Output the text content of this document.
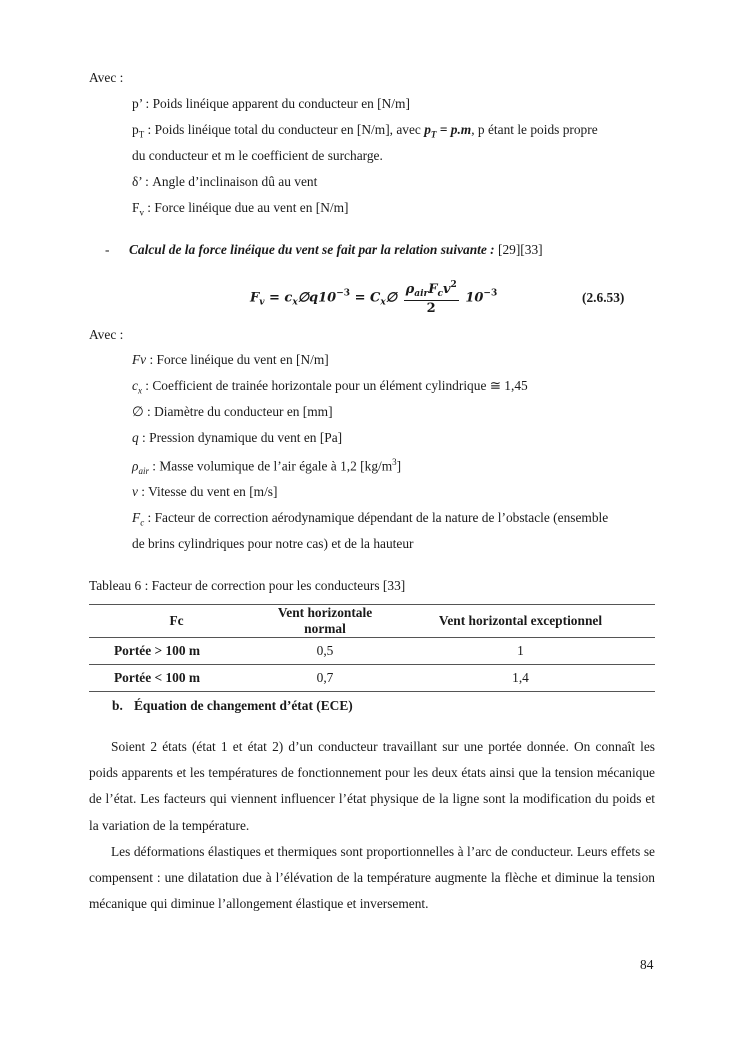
Avec :
p’ : Poids linéique apparent du conducteur en [N/m]
$p_T$ : Poids linéique total du conducteur en [N/m], avec $p_T = p.m$, p étant le poids propre
du conducteur et m le coefficient de surcharge.
δ’ : Angle d’inclinaison dû au vent
$F_v$ : Force linéique due au vent en [N/m]
- Calcul de la force linéique du vent se fait par la relation suivante : [29][33]
$F_v$ = $c_x\emptyset q10^{-3}$ = $C_x\emptyset \frac{\rho_{air}F_cv^2}{2} 10^{-3}$	(2.6.53)
Avec :
Fv : Force linéique du vent en [N/m]
$c_x$ : Coefficient de trainée horizontale pour un élément cylindrique ≅ 1,45
∅ : Diamètre du conducteur en [mm]
q : Pression dynamique du vent en [Pa]
$\rho_{air}$ : Masse volumique de l’air égale à 1,2 $[kg/m^3]$
v : Vitesse du vent en [m/s]
$F_c$ : Facteur de correction aérodynamique dépendant de la nature de l’obstacle (ensemble
de brins cylindriques pour notre cas) et de la hauteur
Tableau 6 : Facteur de correction pour les conducteurs [33]
Fc	Vent horizontale normal	Vent horizontal exceptionnel
Portée > 100 m	0,5	1
Portée < 100 m	0,7	1,4
b. Équation de changement d’état (ECE)

Soient 2 états (état 1 et état 2) d’un conducteur travaillant sur une portée donnée. On connaît les poids apparents et les températures de fonctionnement pour les deux états ainsi que la tension mécanique de l’état. Les facteurs qui viennent influencer l’état physique de la ligne sont la modification du poids et la variation de la température.

Les déformations élastiques et thermiques sont proportionnelles à l’arc de conducteur. Leurs effets se compensent : une dilatation due à l’élévation de la température augmente la flèche et diminue la tension mécanique qui diminue l’allongement élastique et inversement.

84
